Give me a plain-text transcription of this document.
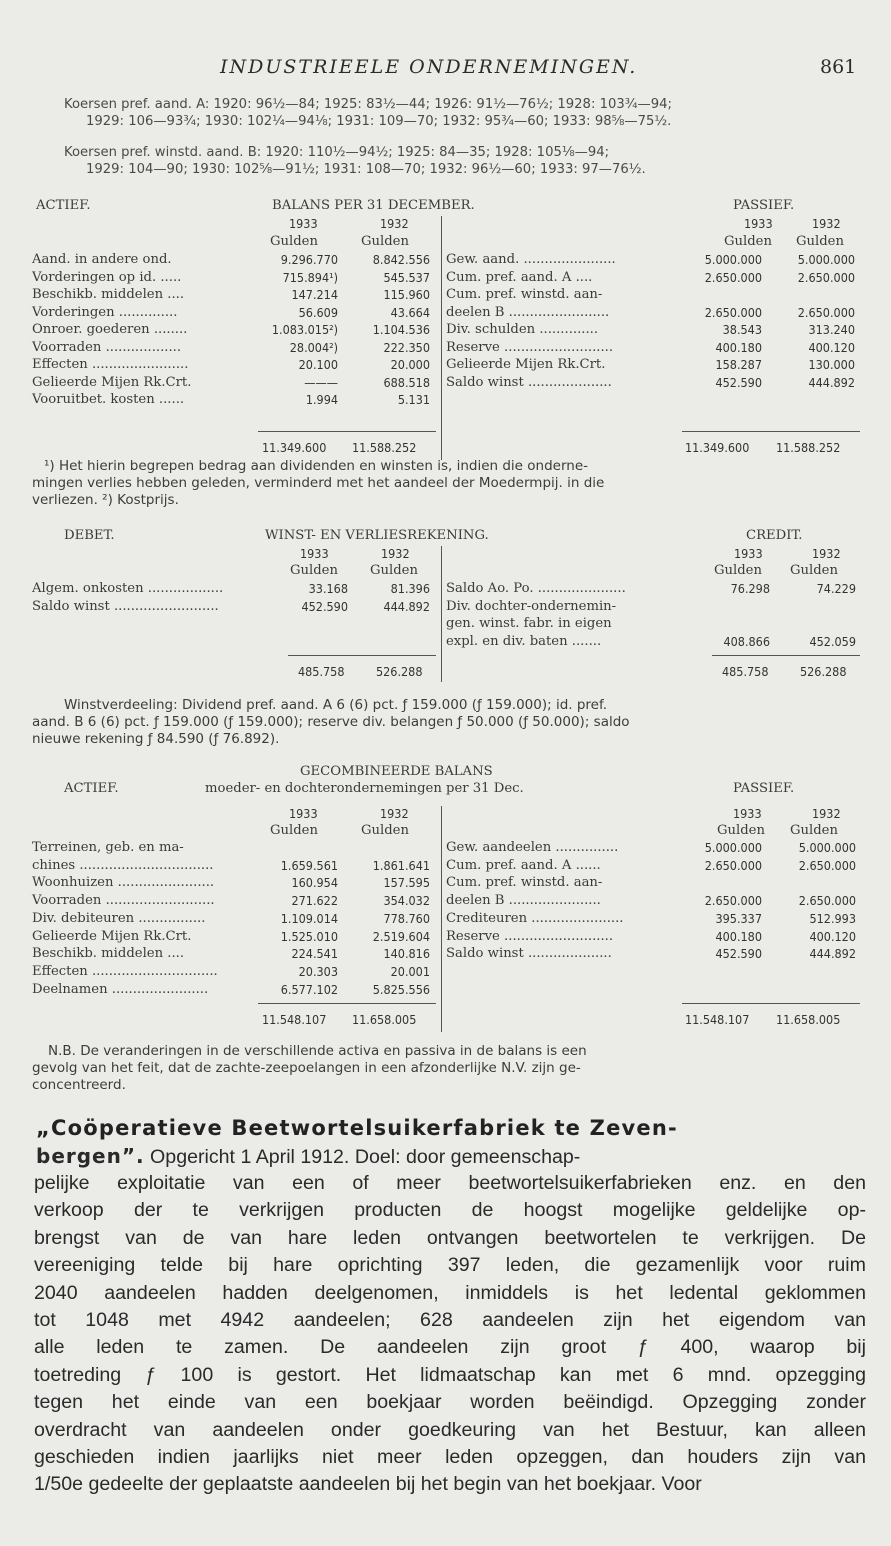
INDUSTRIEELE ONDERNEMINGEN.	861
Koersen pref. aand. A: 1920: 96½—84; 1925: 83½—44; 1926: 91½—76½; 1928: 103¾—94;
1929: 106—93¾; 1930: 102¼—94⅛; 1931: 109—70; 1932: 95¾—60; 1933: 98⅝—75½.
Koersen pref. winstd. aand. B: 1920: 110½—94½; 1925: 84—35; 1928: 105⅛—94;
1929: 104—90; 1930: 102⅝—91½; 1931: 108—70; 1932: 96½—60; 1933: 97—76½.
ACTIEF.	BALANS PER 31 DECEMBER.	PASSIEF.
1933	1932	1933	1932
Gulden	Gulden	Gulden Gulden
Aand. in andere ond.	9.296.770	8.842.556
Vorderingen op id. .....	715.894¹)	545.537
Beschikb. middelen ....	147.214	115.960
Vorderingen ..............	56.609	43.664
Onroer. goederen ........	1.083.015²)	1.104.536
Voorraden ..................	28.004²)	222.350
Effecten .......................	20.100	20.000
Gelieerde Mijen Rk.Crt.	———	688.518
Vooruitbet. kosten ......	1.994	5.131
Gew. aand. ......................	5.000.000	5.000.000
Cum. pref. aand. A ....	2.650.000	2.650.000
Cum. pref. winstd. aan-
deelen B ........................	2.650.000	2.650.000
Div. schulden ..............	38.543	313.240
Reserve ..........................	400.180	400.120
Gelieerde Mijen Rk.Crt.	158.287	130.000
Saldo winst ....................	452.590	444.892
11.349.600 11.588.252	11.349.600 11.588.252
¹) Het hierin begrepen bedrag aan dividenden en winsten is, indien die onderne-
mingen verlies hebben geleden, verminderd met het aandeel der Moedermpij. in die
verliezen. ²) Kostprijs.
DEBET.	WINST- EN VERLIESREKENING.	CREDIT.
1933	1932	1933	1932
Gulden Gulden	Gulden Gulden
Algem. onkosten ..................	33.168	81.396
Saldo winst .........................	452.590	444.892
Saldo Ao. Po. .....................	76.298	74.229
Div. dochter-ondernemin-
gen. winst. fabr. in eigen
expl. en div. baten .......	408.866	452.059
485.758	526.288	485.758	526.288
Winstverdeeling: Dividend pref. aand. A 6 (6) pct. ƒ 159.000 (ƒ 159.000); id. pref.
aand. B 6 (6) pct. ƒ 159.000 (ƒ 159.000); reserve div. belangen ƒ 50.000 (ƒ 50.000); saldo
nieuwe rekening ƒ 84.590 (ƒ 76.892).
GECOMBINEERDE BALANS
ACTIEF.	moeder- en dochterondernemingen per 31 Dec.	PASSIEF.
1933	1932	1933	1932
Gulden	Gulden	Gulden Gulden
Terreinen, geb. en ma-
chines ................................	1.659.561	1.861.641
Woonhuizen .......................	160.954	157.595
Voorraden ..........................	271.622	354.032
Div. debiteuren ................	1.109.014	778.760
Gelieerde Mijen Rk.Crt.	1.525.010	2.519.604
Beschikb. middelen ....	224.541	140.816
Effecten ..............................	20.303	20.001
Deelnamen .......................	6.577.102	5.825.556
Gew. aandeelen ...............	5.000.000	5.000.000
Cum. pref. aand. A ......	2.650.000	2.650.000
Cum. pref. winstd. aan-
deelen B ......................	2.650.000	2.650.000
Crediteuren ......................	395.337	512.993
Reserve ..........................	400.180	400.120
Saldo winst ....................	452.590	444.892
11.548.107 11.658.005	11.548.107 11.658.005
N.B. De veranderingen in de verschillende activa en passiva in de balans is een
gevolg van het feit, dat de zachte-zeepoelangen in een afzonderlijke N.V. zijn ge-
concentreerd.
„Coöperatieve Beetwortelsuikerfabriek te Zeven-
bergen”. Opgericht 1 April 1912. Doel: door gemeenschap-
pelijke exploitatie van een of meer beetwortelsuikerfabrieken enz. en den
verkoop der te verkrijgen producten de hoogst mogelijke geldelijke op-
brengst van de van hare leden ontvangen beetwortelen te verkrijgen. De
vereeniging telde bij hare oprichting 397 leden, die gezamenlijk voor ruim
2040 aandeelen hadden deelgenomen, inmiddels is het ledental geklommen
tot 1048 met 4942 aandeelen; 628 aandeelen zijn het eigendom van
alle leden te zamen. De aandeelen zijn groot ƒ 400, waarop bij
toetreding ƒ 100 is gestort. Het lidmaatschap kan met 6 mnd. opzegging
tegen het einde van een boekjaar worden beëindigd. Opzegging zonder
overdracht van aandeelen onder goedkeuring van het Bestuur, kan alleen
geschieden indien jaarlijks niet meer leden opzeggen, dan houders zijn van
1/50e gedeelte der geplaatste aandeelen bij het begin van het boekjaar. Voor
